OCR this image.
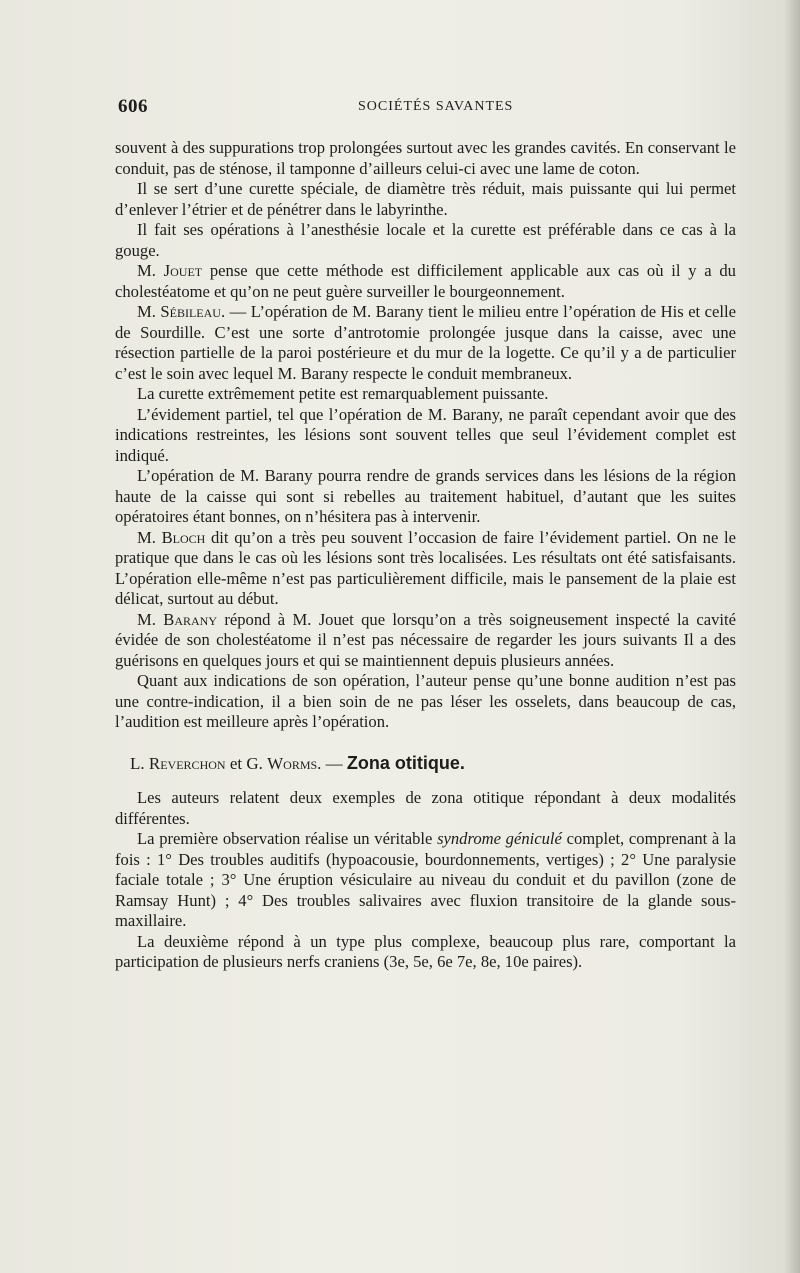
606	SOCIÉTÉS SAVANTES

souvent à des suppurations trop prolongées surtout avec les grandes cavités. En conservant le conduit, pas de sténose, il tamponne d’ailleurs celui-ci avec une lame de coton.

Il se sert d’une curette spéciale, de diamètre très réduit, mais puissante qui lui permet d’enlever l’étrier et de pénétrer dans le labyrinthe.

Il fait ses opérations à l’anesthésie locale et la curette est préférable dans ce cas à la gouge.

M. Jouet pense que cette méthode est difficilement applicable aux cas où il y a du cholestéatome et qu’on ne peut guère surveiller le bourgeonnement.

M. Sébileau. — L’opération de M. Barany tient le milieu entre l’opération de His et celle de Sourdille. C’est une sorte d’antrotomie prolongée jusque dans la caisse, avec une résection partielle de la paroi postérieure et du mur de la logette. Ce qu’il y a de particulier c’est le soin avec lequel M. Barany respecte le conduit membraneux.

La curette extrêmement petite est remarquablement puissante.

L’évidement partiel, tel que l’opération de M. Barany, ne paraît cependant avoir que des indications restreintes, les lésions sont souvent telles que seul l’évidement complet est indiqué.

L’opération de M. Barany pourra rendre de grands services dans les lésions de la région haute de la caisse qui sont si rebelles au traitement habituel, d’autant que les suites opératoires étant bonnes, on n’hésitera pas à intervenir.

M. Bloch dit qu’on a très peu souvent l’occasion de faire l’évidement partiel. On ne le pratique que dans le cas où les lésions sont très localisées. Les résultats ont été satisfaisants. L’opération elle-même n’est pas particulièrement difficile, mais le pansement de la plaie est délicat, surtout au début.

M. Barany répond à M. Jouet que lorsqu’on a très soigneusement inspecté la cavité évidée de son cholestéatome il n’est pas nécessaire de regarder les jours suivants Il a des guérisons en quelques jours et qui se maintiennent depuis plusieurs années.

Quant aux indications de son opération, l’auteur pense qu’une bonne audition n’est pas une contre-indication, il a bien soin de ne pas léser les osselets, dans beaucoup de cas, l’audition est meilleure après l’opération.

L. Reverchon et G. Worms. — Zona otitique.

Les auteurs relatent deux exemples de zona otitique répondant à deux modalités différentes.

La première observation réalise un véritable syndrome géniculé complet, comprenant à la fois : 1° Des troubles auditifs (hypoacousie, bourdonnements, vertiges) ; 2° Une paralysie faciale totale ; 3° Une éruption vésiculaire au niveau du conduit et du pavillon (zone de Ramsay Hunt) ; 4° Des troubles salivaires avec fluxion transitoire de la glande sous-maxillaire.

La deuxième répond à un type plus complexe, beaucoup plus rare, comportant la participation de plusieurs nerfs craniens (3e, 5e, 6e 7e, 8e, 10e paires).
